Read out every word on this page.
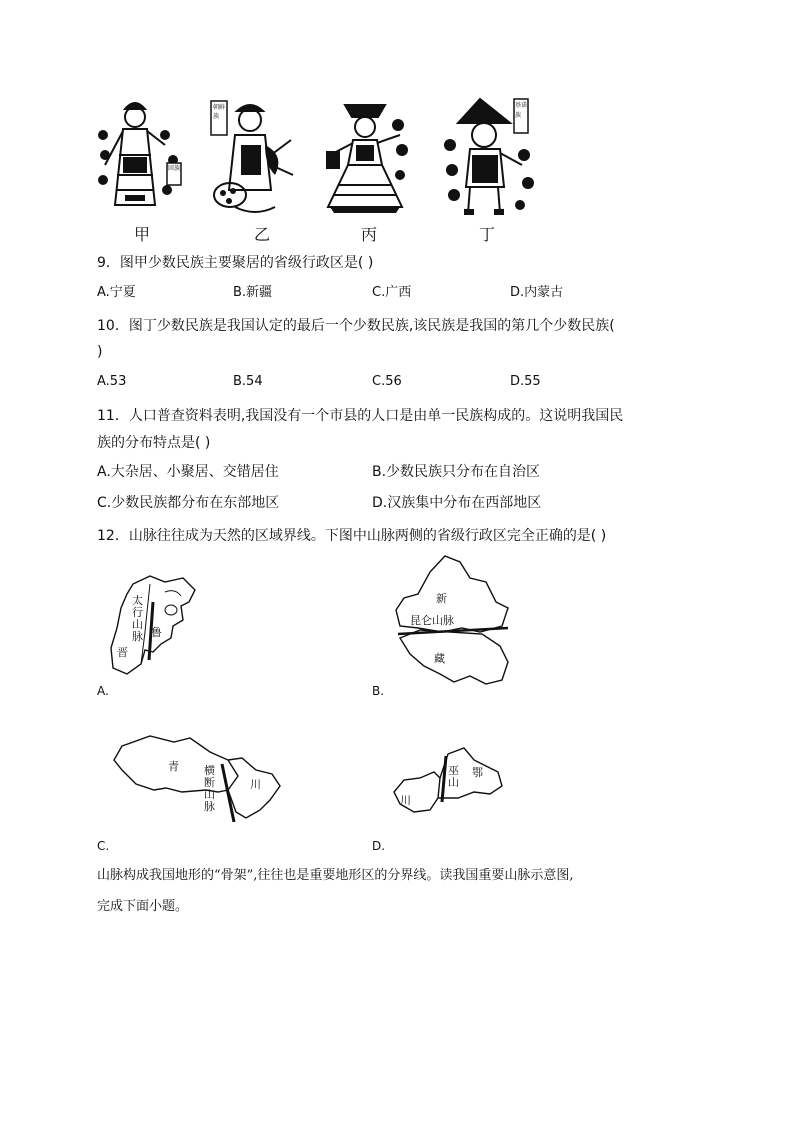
回族
朝鲜族
基诺族
甲	乙	丙	丁
9．图甲少数民族主要聚居的省级行政区是( )
A.宁夏	B.新疆	C.广西	D.内蒙古
10．图丁少数民族是我国认定的最后一个少数民族,该民族是我国的第几个少数民族(
)
A.53	B.54	C.56	D.55
11．人口普查资料表明,我国没有一个市县的人口是由单一民族构成的。这说明我国民
族的分布特点是( )
A.大杂居、小聚居、交错居住	B.少数民族只分布在自治区
C.少数民族都分布在东部地区	D.汉族集中分布在西部地区
12．山脉往往成为天然的区域界线。下图中山脉两侧的省级行政区完全正确的是( )
太
行
山
脉
晋
鲁
A.
新
昆仑山脉
藏
B.
青 横
断
山
脉
川
C.
川
巫
山
鄂
D.
山脉构成我国地形的“骨架”,往往也是重要地形区的分界线。读我国重要山脉示意图,
完成下面小题。
